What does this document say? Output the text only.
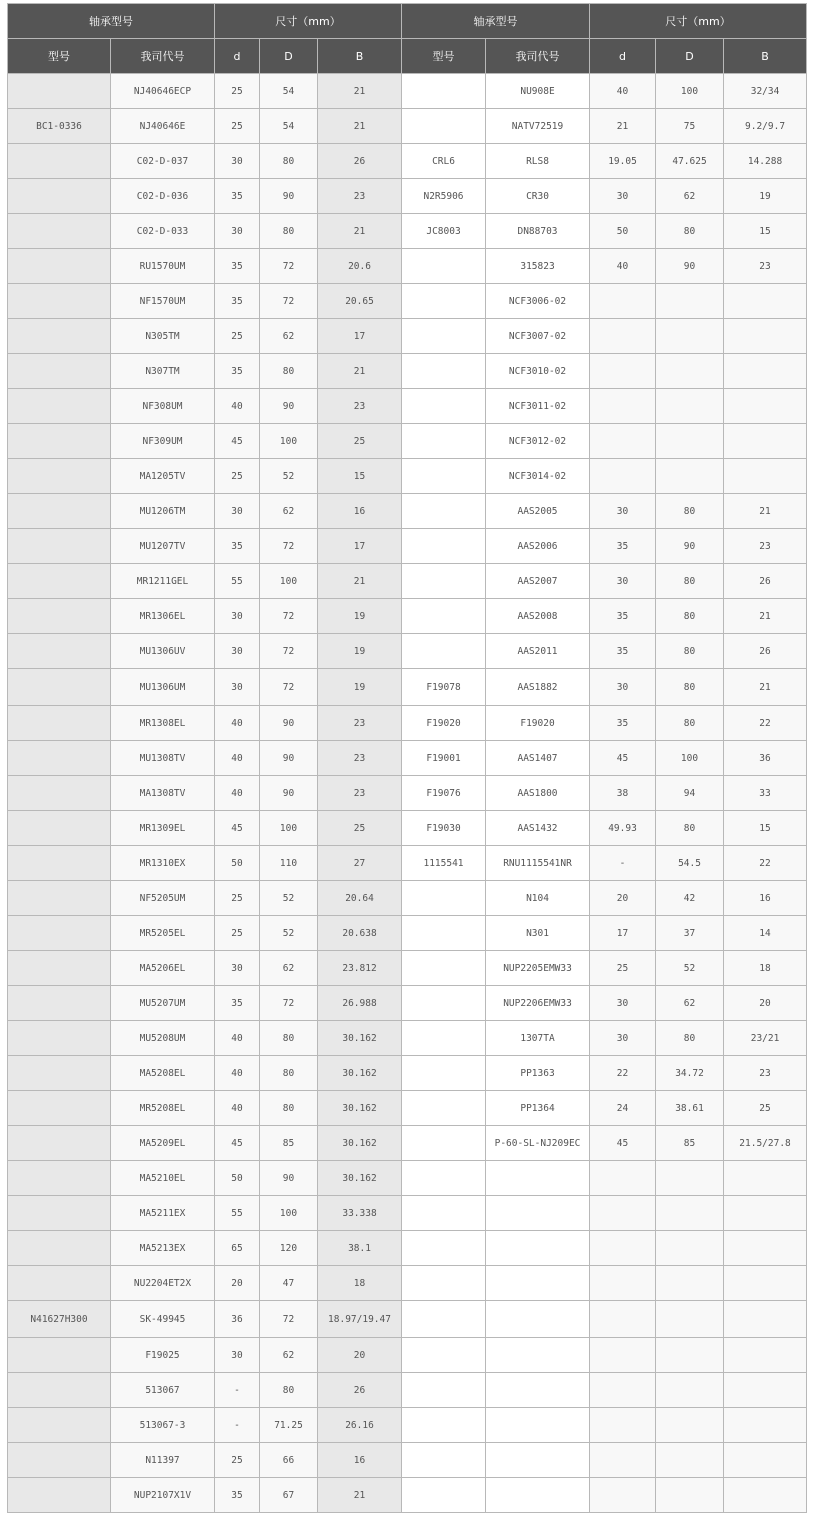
轴承型号		尺寸（mm）			轴承型号		尺寸（mm）		
型号	我司代号	d	D	B	型号	我司代号	d	D	B
	NJ40646ECP	25	54	21		NU908E	40	100	32/34
BC1-0336	NJ40646E	25	54	21		NATV72519	21	75	9.2/9.7
	C02-D-037	30	80	26	CRL6	RLS8	19.05	47.625	14.288
	C02-D-036	35	90	23	N2R5906	CR30	30	62	19
	C02-D-033	30	80	21	JC8003	DN88703	50	80	15
	RU1570UM	35	72	20.6		315823	40	90	23
	NF1570UM	35	72	20.65		NCF3006-02			
	N305TM	25	62	17		NCF3007-02			
	N307TM	35	80	21		NCF3010-02			
	NF308UM	40	90	23		NCF3011-02			
	NF309UM	45	100	25		NCF3012-02			
	MA1205TV	25	52	15		NCF3014-02			
	MU1206TM	30	62	16		AAS2005	30	80	21
	MU1207TV	35	72	17		AAS2006	35	90	23
	MR1211GEL	55	100	21		AAS2007	30	80	26
	MR1306EL	30	72	19		AAS2008	35	80	21
	MU1306UV	30	72	19		AAS2011	35	80	26
	MU1306UM	30	72	19	F19078	AAS1882	30	80	21
	MR1308EL	40	90	23	F19020	F19020	35	80	22
	MU1308TV	40	90	23	F19001	AAS1407	45	100	36
	MA1308TV	40	90	23	F19076	AAS1800	38	94	33
	MR1309EL	45	100	25	F19030	AAS1432	49.93	80	15
	MR1310EX	50	110	27	1115541	RNU1115541NR	-	54.5	22
	NF5205UM	25	52	20.64		N104	20	42	16
	MR5205EL	25	52	20.638		N301	17	37	14
	MA5206EL	30	62	23.812		NUP2205EMW33	25	52	18
	MU5207UM	35	72	26.988		NUP2206EMW33	30	62	20
	MU5208UM	40	80	30.162		1307TA	30	80	23/21
	MA5208EL	40	80	30.162		PP1363	22	34.72	23
	MR5208EL	40	80	30.162		PP1364	24	38.61	25
	MA5209EL	45	85	30.162		P-60-SL-NJ209EC	45	85	21.5/27.8
	MA5210EL	50	90	30.162					
	MA5211EX	55	100	33.338					
	MA5213EX	65	120	38.1					
	NU2204ET2X	20	47	18					
N41627H300	SK-49945	36	72	18.97/19.47					
	F19025	30	62	20					
	513067	-	80	26					
	513067-3	-	71.25	26.16					
	N11397	25	66	16					
	NUP2107X1V	35	67	21					
